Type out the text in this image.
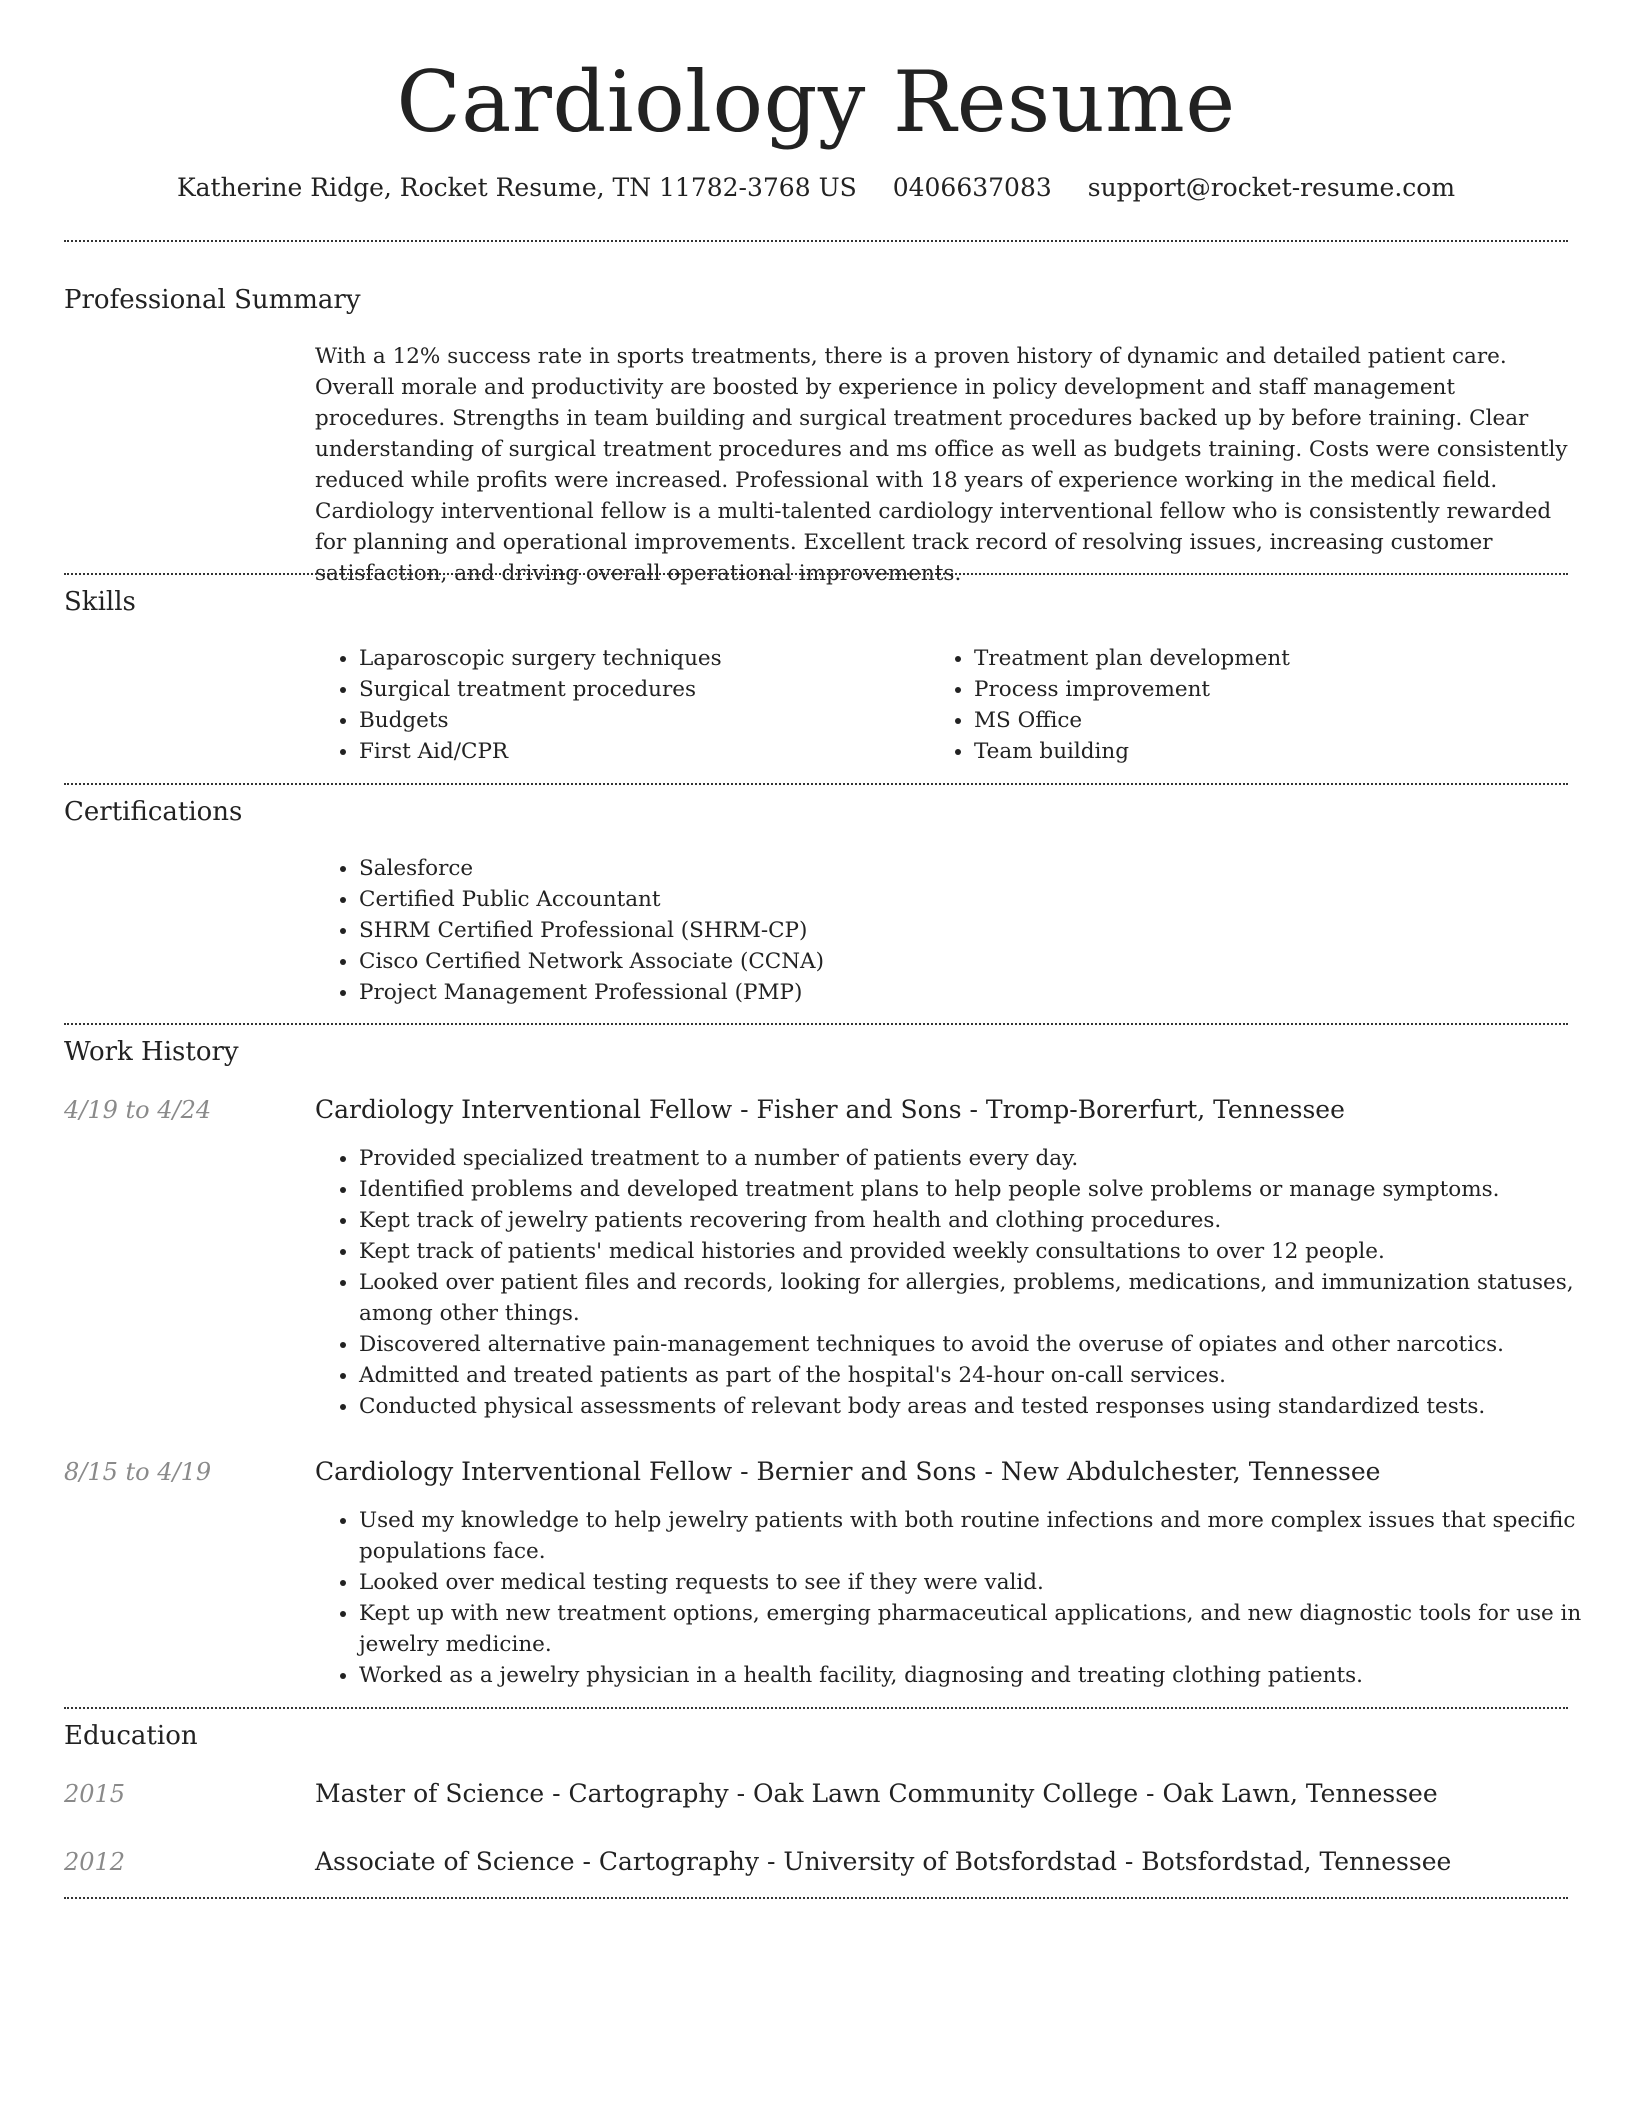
Cardiology Resume
Katherine Ridge, Rocket Resume, TN 11782-3768 US 0406637083 support@rocket-resume.com
Professional Summary

With a 12% success rate in sports treatments, there is a proven history of dynamic and detailed patient care. Overall morale and productivity are boosted by experience in policy development and staff management procedures. Strengths in team building and surgical treatment procedures backed up by before training. Clear understanding of surgical treatment procedures and ms office as well as budgets training. Costs were consistently reduced while profits were increased. Professional with 18 years of experience working in the medical field. Cardiology interventional fellow is a multi-talented cardiology interventional fellow who is consistently rewarded for planning and operational improvements. Excellent track record of resolving issues, increasing customer satisfaction, and driving overall operational improvements.

Skills
• Laparoscopic surgery techniques
• Surgical treatment procedures
• Budgets
• First Aid/CPR
• Treatment plan development
• Process improvement
• MS Office
• Team building
Certifications
• Salesforce
• Certified Public Accountant
• SHRM Certified Professional (SHRM-CP)
• Cisco Certified Network Associate (CCNA)
• Project Management Professional (PMP)
Work History
4/19 to 4/24	Cardiology Interventional Fellow - Fisher and Sons - Tromp-Borerfurt, Tennessee
• Provided specialized treatment to a number of patients every day.
• Identified problems and developed treatment plans to help people solve problems or manage symptoms.
• Kept track of jewelry patients recovering from health and clothing procedures.
• Kept track of patients' medical histories and provided weekly consultations to over 12 people.
• Looked over patient files and records, looking for allergies, problems, medications, and immunization statuses, among other things.
• Discovered alternative pain-management techniques to avoid the overuse of opiates and other narcotics.
• Admitted and treated patients as part of the hospital's 24-hour on-call services.
• Conducted physical assessments of relevant body areas and tested responses using standardized tests.
8/15 to 4/19	Cardiology Interventional Fellow - Bernier and Sons - New Abdulchester, Tennessee
• Used my knowledge to help jewelry patients with both routine infections and more complex issues that specific populations face.
• Looked over medical testing requests to see if they were valid.
• Kept up with new treatment options, emerging pharmaceutical applications, and new diagnostic tools for use in jewelry medicine.
• Worked as a jewelry physician in a health facility, diagnosing and treating clothing patients.
Education
2015	Master of Science - Cartography - Oak Lawn Community College - Oak Lawn, Tennessee
2012	Associate of Science - Cartography - University of Botsfordstad - Botsfordstad, Tennessee
